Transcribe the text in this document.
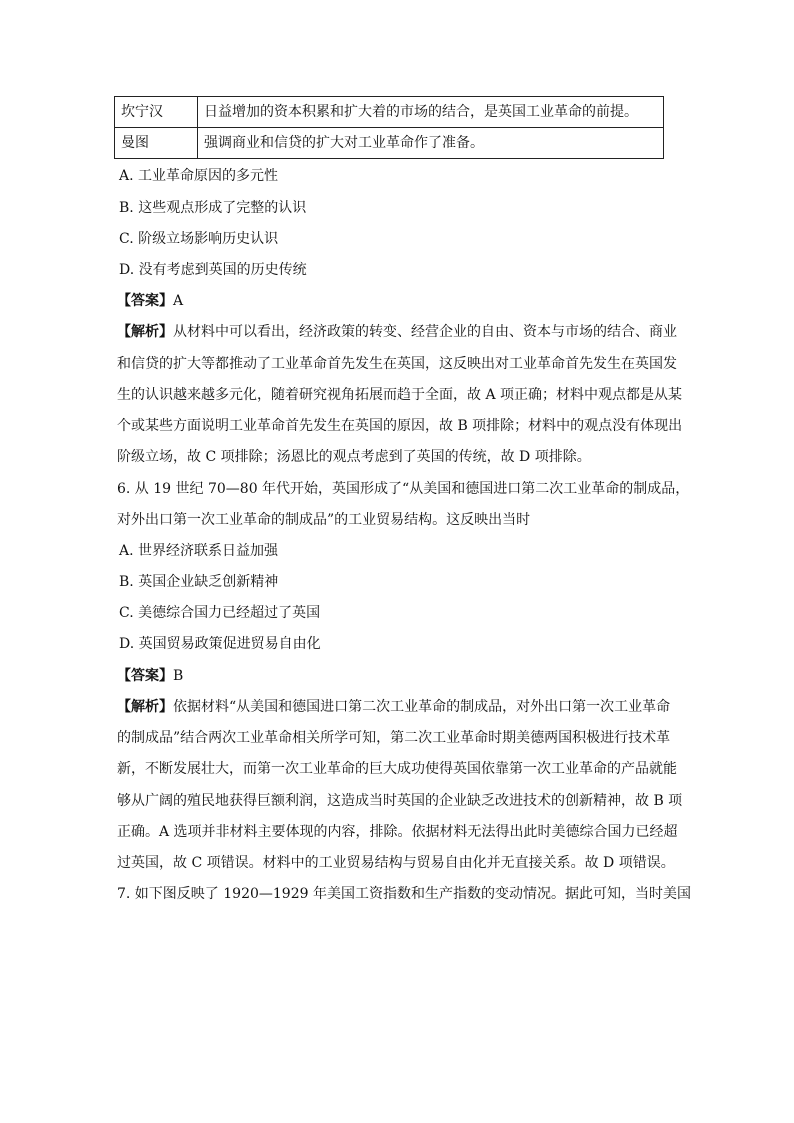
坎宁汉	日益增加的资本积累和扩大着的市场的结合，是英国工业革命的前提。
曼图	强调商业和信贷的扩大对工业革命作了准备。
A. 工业革命原因的多元性
B. 这些观点形成了完整的认识
C. 阶级立场影响历史认识
D. 没有考虑到英国的历史传统
【答案】A
【解析】从材料中可以看出，经济政策的转变、经营企业的自由、资本与市场的结合、商业
和信贷的扩大等都推动了工业革命首先发生在英国，这反映出对工业革命首先发生在英国发
生的认识越来越多元化，随着研究视角拓展而趋于全面，故 A 项正确；材料中观点都是从某
个或某些方面说明工业革命首先发生在英国的原因，故 B 项排除；材料中的观点没有体现出
阶级立场，故 C 项排除；汤恩比的观点考虑到了英国的传统，故 D 项排除。
6. 从 19 世纪 70—80 年代开始，英国形成了“从美国和德国进口第二次工业革命的制成品，
对外出口第一次工业革命的制成品”的工业贸易结构。这反映出当时
A. 世界经济联系日益加强
B. 英国企业缺乏创新精神
C. 美德综合国力已经超过了英国
D. 英国贸易政策促进贸易自由化
【答案】B
【解析】依据材料“从美国和德国进口第二次工业革命的制成品，对外出口第一次工业革命
的制成品”结合两次工业革命相关所学可知，第二次工业革命时期美德两国积极进行技术革
新，不断发展壮大，而第一次工业革命的巨大成功使得英国依靠第一次工业革命的产品就能
够从广阔的殖民地获得巨额利润，这造成当时英国的企业缺乏改进技术的创新精神，故 B 项
正确。A 选项并非材料主要体现的内容，排除。依据材料无法得出此时美德综合国力已经超
过英国，故 C 项错误。材料中的工业贸易结构与贸易自由化并无直接关系。故 D 项错误。
7. 如下图反映了 1920—1929 年美国工资指数和生产指数的变动情况。据此可知，当时美国
